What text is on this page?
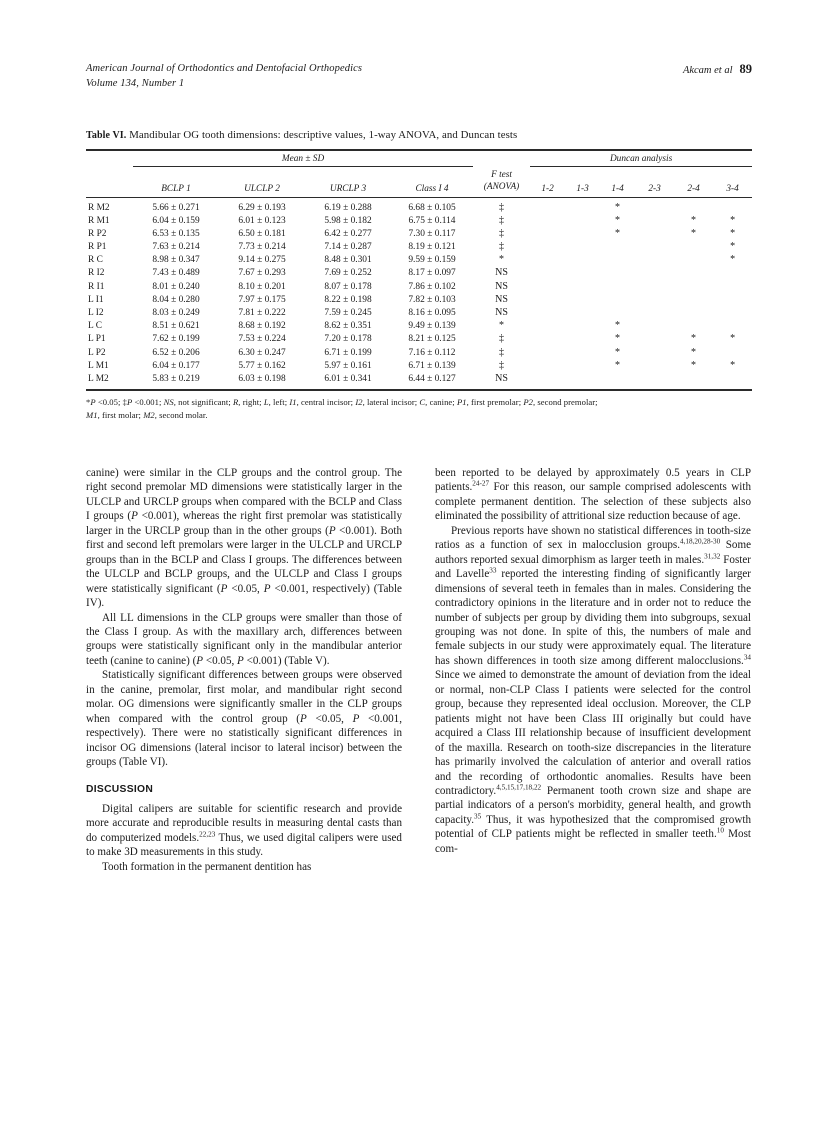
American Journal of Orthodontics and Dentofacial Orthopedics
Volume 134, Number 1
Akcam et al 89
Table VI. Mandibular OG tooth dimensions: descriptive values, 1-way ANOVA, and Duncan tests
	Mean ± SD					Duncan analysis					
	BCLP 1	ULCLP 2	URCLP 3	Class I 4	F test
(ANOVA)	1-2	1-3	1-4	2-3	2-4	3-4
R M2	5.66 ± 0.271	6.29 ± 0.193	6.19 ± 0.288	6.68 ± 0.105	‡			*			
R M1	6.04 ± 0.159	6.01 ± 0.123	5.98 ± 0.182	6.75 ± 0.114	‡			*		*	*
R P2	6.53 ± 0.135	6.50 ± 0.181	6.42 ± 0.277	7.30 ± 0.117	‡			*		*	*
R P1	7.63 ± 0.214	7.73 ± 0.214	7.14 ± 0.287	8.19 ± 0.121	‡						*
R C	8.98 ± 0.347	9.14 ± 0.275	8.48 ± 0.301	9.59 ± 0.159	*						*
R I2	7.43 ± 0.489	7.67 ± 0.293	7.69 ± 0.252	8.17 ± 0.097	NS						
R I1	8.01 ± 0.240	8.10 ± 0.201	8.07 ± 0.178	7.86 ± 0.102	NS						
L I1	8.04 ± 0.280	7.97 ± 0.175	8.22 ± 0.198	7.82 ± 0.103	NS						
L I2	8.03 ± 0.249	7.81 ± 0.222	7.59 ± 0.245	8.16 ± 0.095	NS						
L C	8.51 ± 0.621	8.68 ± 0.192	8.62 ± 0.351	9.49 ± 0.139	*			*			
L P1	7.62 ± 0.199	7.53 ± 0.224	7.20 ± 0.178	8.21 ± 0.125	‡			*		*	*
L P2	6.52 ± 0.206	6.30 ± 0.247	6.71 ± 0.199	7.16 ± 0.112	‡			*		*	
L M1	6.04 ± 0.177	5.77 ± 0.162	5.97 ± 0.161	6.71 ± 0.139	‡			*		*	*
L M2	5.83 ± 0.219	6.03 ± 0.198	6.01 ± 0.341	6.44 ± 0.127	NS						
*P <0.05; ‡P <0.001; NS, not significant; R, right; L, left; I1, central incisor; I2, lateral incisor; C, canine; P1, first premolar; P2, second premolar;
M1, first molar; M2, second molar.

canine) were similar in the CLP groups and the control group. The right second premolar MD dimensions were statistically larger in the ULCLP and URCLP groups when compared with the BCLP and Class I groups (P <0.001), whereas the right first premolar was statistically larger in the URCLP group than in the other groups (P <0.001). Both first and second left premolars were larger in the ULCLP and URCLP groups than in the BCLP and Class I groups. The differences between the ULCLP and BCLP groups, and the ULCLP and Class I groups were statistically significant (P <0.05, P <0.001, respectively) (Table IV).

All LL dimensions in the CLP groups were smaller than those of the Class I group. As with the maxillary arch, differences between groups were statistically significant only in the mandibular anterior teeth (canine to canine) (P <0.05, P <0.001) (Table V).

Statistically significant differences between groups were observed in the canine, premolar, first molar, and mandibular right second molar. OG dimensions were significantly smaller in the CLP groups when compared with the control group (P <0.05, P <0.001, respectively). There were no statistically significant differences in incisor OG dimensions (lateral incisor to lateral incisor) between the groups (Table VI).

DISCUSSION

Digital calipers are suitable for scientific research and provide more accurate and reproducible results in measuring dental casts than do computerized models.$^{22,23}$ Thus, we used digital calipers were used to make 3D measurements in this study.

Tooth formation in the permanent dentition has

been reported to be delayed by approximately 0.5 years in CLP patients.$^{24-27}$ For this reason, our sample comprised adolescents with complete permanent dentition. The selection of these subjects also eliminated the possibility of attritional size reduction because of age.

Previous reports have shown no statistical differences in tooth-size ratios as a function of sex in malocclusion groups.$^{4,18,20,28-30}$ Some authors reported sexual dimorphism as larger teeth in males.$^{31,32}$ Foster and Lavelle$^{33}$ reported the interesting finding of significantly larger dimensions of several teeth in females than in males. Considering the contradictory opinions in the literature and in order not to reduce the number of subjects per group by dividing them into subgroups, sexual grouping was not done. In spite of this, the numbers of male and female subjects in our study were approximately equal. The literature has shown differences in tooth size among different malocclusions.$^{34}$ Since we aimed to demonstrate the amount of deviation from the ideal or normal, non-CLP Class I patients were selected for the control group, because they represented ideal occlusion. Moreover, the CLP patients might not have been Class III originally but could have acquired a Class III relationship because of insufficient development of the maxilla. Research on tooth-size discrepancies in the literature has primarily involved the calculation of anterior and overall ratios and the recording of orthodontic anomalies. Results have been contradictory.$^{4,5,15,17,18,22}$ Permanent tooth crown size and shape are partial indicators of a person's morbidity, general health, and growth capacity.$^{35}$ Thus, it was hypothesized that the compromised growth potential of CLP patients might be reflected in smaller teeth.$^{10}$ Most com-
